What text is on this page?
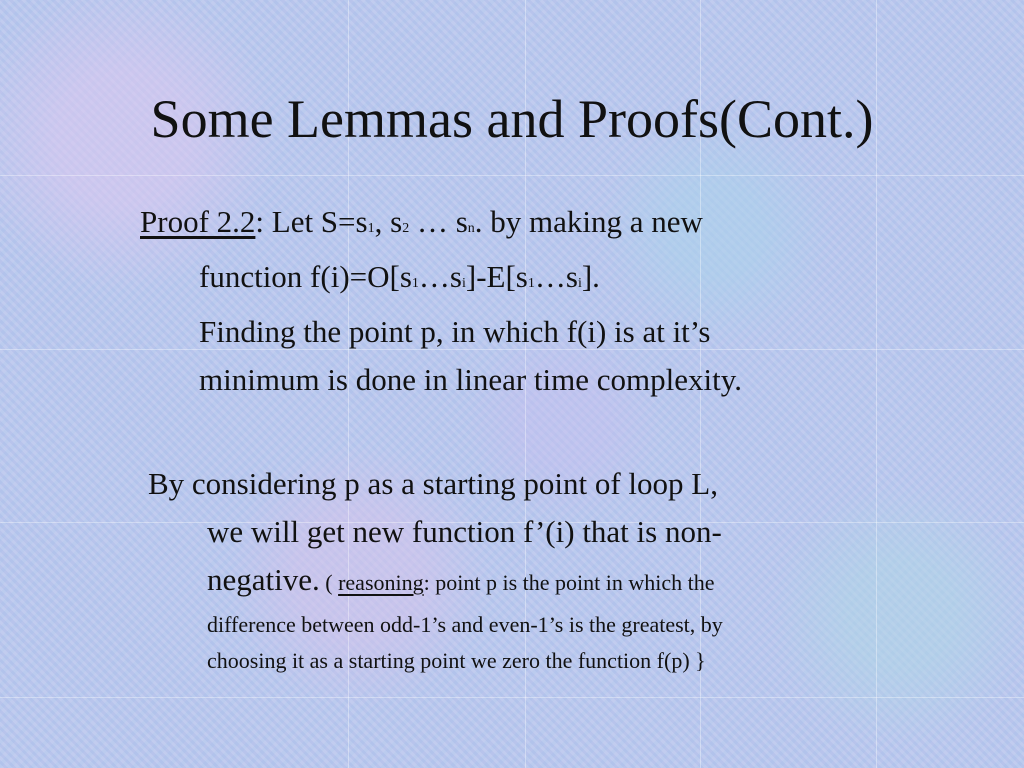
Some Lemmas and Proofs(Cont.)
Proof 2.2: Let S=s1, s2 … sn. by making a new
function f(i)=O[s1…si]-E[s1…si].
Finding the point p, in which f(i) is at it’s
minimum is done in linear time complexity.
By considering p as a starting point of loop L,
we will get new function f’(i) that is non-
negative. ( reasoning: point p is the point in which the
difference between odd-1’s and even-1’s is the greatest, by
choosing it as a starting point we zero the function f(p) }
